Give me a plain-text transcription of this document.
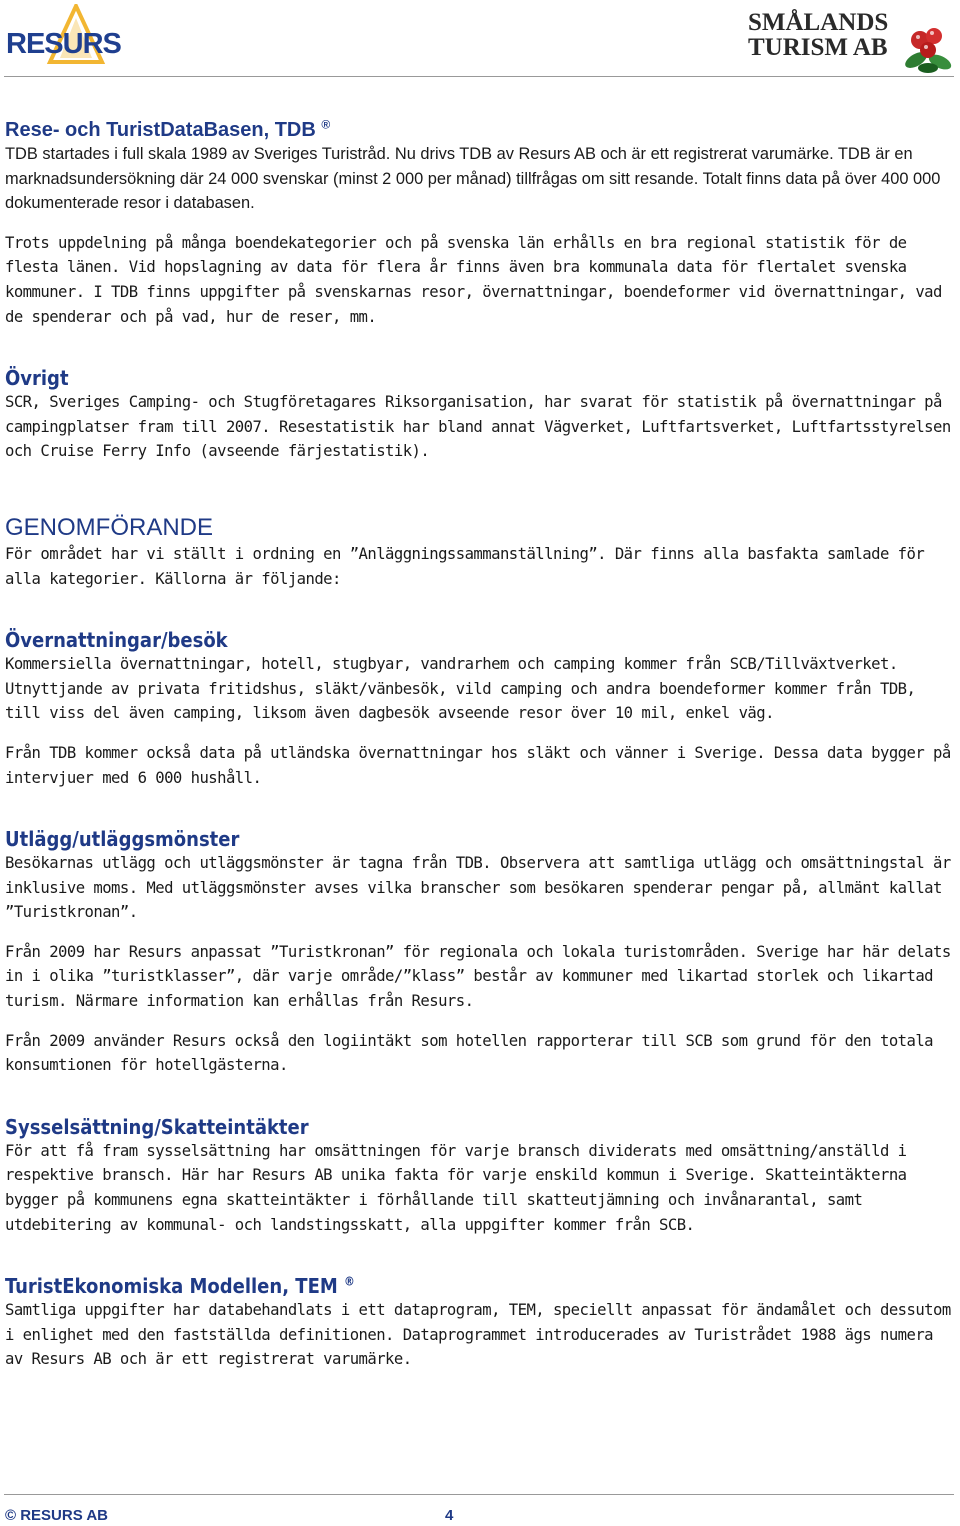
RESURS
SMÅLANDS
TURISM AB
Rese- och TuristDataBasen, TDB ®

TDB startades i full skala 1989 av Sveriges Turistråd. Nu drivs TDB av Resurs AB och är ett registrerat varumärke. TDB är en marknadsundersökning där 24 000 svenskar (minst 2 000 per månad) tillfrågas om sitt resande. Totalt finns data på över 400 000 dokumenterade resor i databasen.

Trots uppdelning på många boendekategorier och på svenska län erhålls en bra regional statistik för de flesta länen. Vid hopslagning av data för flera år finns även bra kommunala data för flertalet svenska kommuner. I TDB finns uppgifter på svenskarnas resor, övernattningar, boendeformer vid övernattningar, vad de spenderar och på vad, hur de reser, mm.

Övrigt

SCR, Sveriges Camping- och Stugföretagares Riksorganisation, har svarat för statistik på övernattningar på campingplatser fram till 2007. Resestatistik har bland annat Vägverket, Luftfartsverket, Luftfartsstyrelsen och Cruise Ferry Info (avseende färjestatistik).

GENOMFÖRANDE

För området har vi ställt i ordning en ”Anläggningssammanställning”. Där finns alla basfakta samlade för alla kategorier. Källorna är följande:

Övernattningar/besök

Kommersiella övernattningar, hotell, stugbyar, vandrarhem och camping kommer från SCB/Tillväxtverket. Utnyttjande av privata fritidshus, släkt/vänbesök, vild camping och andra boendeformer kommer från TDB, till viss del även camping, liksom även dagbesök avseende resor över 10 mil, enkel väg.

Från TDB kommer också data på utländska övernattningar hos släkt och vänner i Sverige. Dessa data bygger på intervjuer med 6 000 hushåll.

Utlägg/utläggsmönster

Besökarnas utlägg och utläggsmönster är tagna från TDB. Observera att samtliga utlägg och omsättningstal är inklusive moms. Med utläggsmönster avses vilka branscher som besökaren spenderar pengar på, allmänt kallat ”Turistkronan”.

Från 2009 har Resurs anpassat ”Turistkronan” för regionala och lokala turistområden. Sverige har här delats in i olika ”turistklasser”, där varje område/”klass” består av kommuner med likartad storlek och likartad turism. Närmare information kan erhållas från Resurs.

Från 2009 använder Resurs också den logiintäkt som hotellen rapporterar till SCB som grund för den totala konsumtionen för hotellgästerna.

Sysselsättning/Skatteintäkter

För att få fram sysselsättning har omsättningen för varje bransch dividerats med omsättning/anställd i respektive bransch. Här har Resurs AB unika fakta för varje enskild kommun i Sverige. Skatteintäkterna bygger på kommunens egna skatteintäkter i förhållande till skatteutjämning och invånarantal, samt utdebitering av kommunal- och landstingsskatt, alla uppgifter kommer från SCB.

TuristEkonomiska Modellen, TEM ®

Samtliga uppgifter har databehandlats i ett dataprogram, TEM, speciellt anpassat för ändamålet och dessutom i enlighet med den fastställda definitionen. Dataprogrammet introducerades av Turistrådet 1988 ägs numera av Resurs AB och är ett registrerat varumärke.

© RESURS AB	4
